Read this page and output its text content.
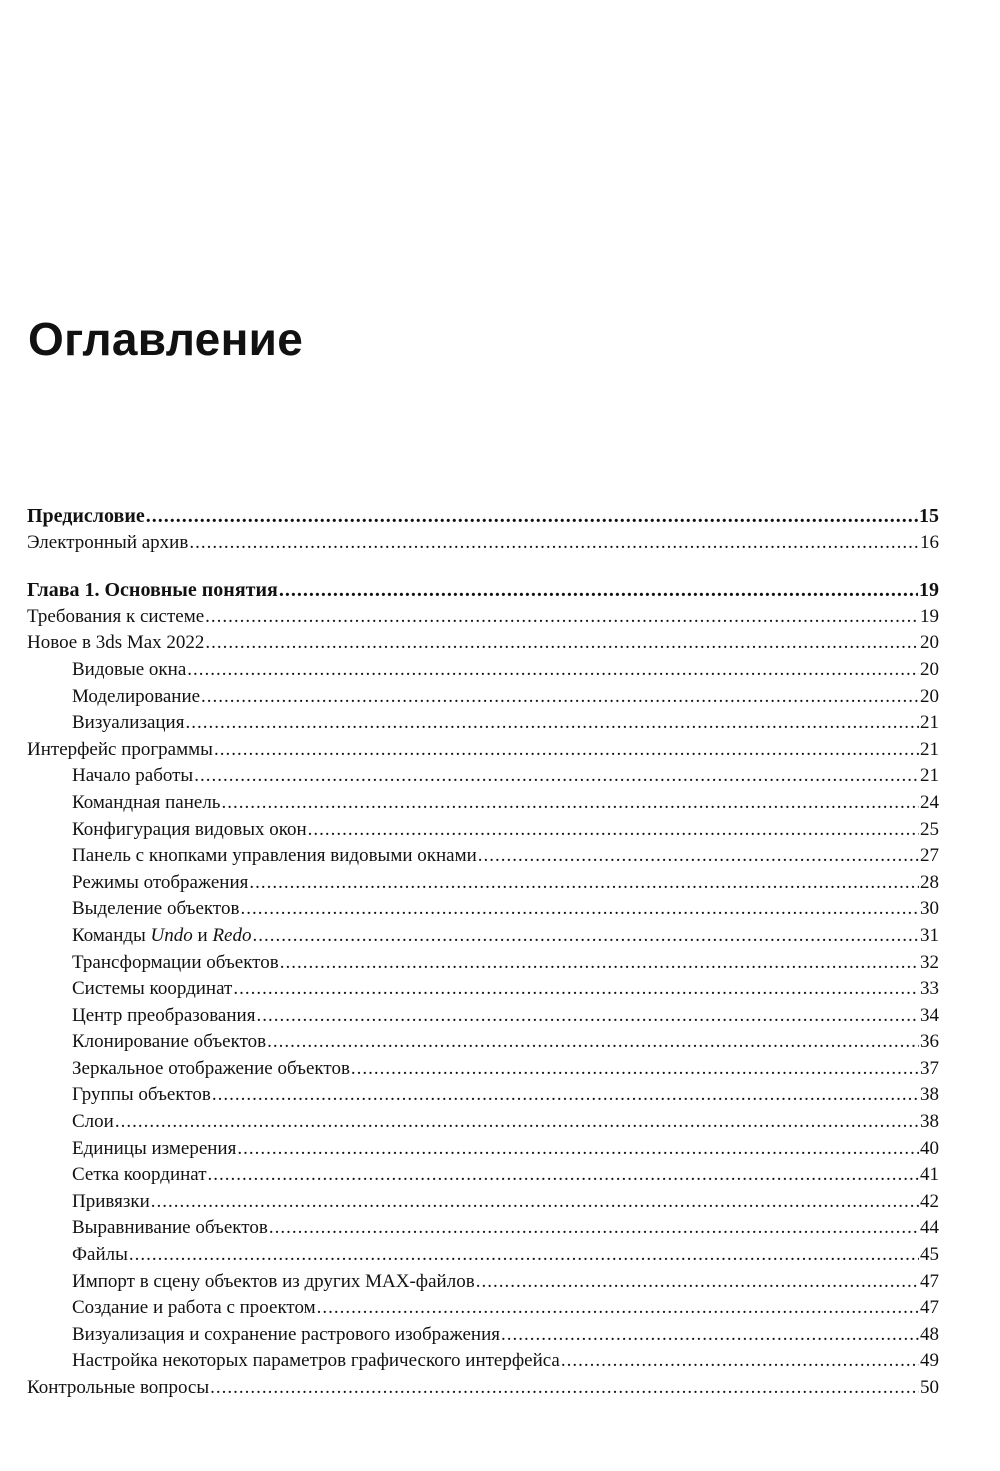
Оглавление
Предисловие .....	15
Электронный архив .....	16
Глава 1. Основные понятия .....	19
Требования к системе .....	19
Новое в 3ds Max 2022 .....	20
Видовые окна .....	20
Моделирование .....	20
Визуализация .....	21
Интерфейс программы .....	21
Начало работы .....	21
Командная панель .....	24
Конфигурация видовых окон .....	25
Панель с кнопками управления видовыми окнами .....	27
Режимы отображения .....	28
Выделение объектов .....	30
Команды Undo и Redo .....	31
Трансформации объектов .....	32
Системы координат .....	33
Центр преобразования .....	34
Клонирование объектов .....	36
Зеркальное отображение объектов .....	37
Группы объектов .....	38
Слои .....	38
Единицы измерения .....	40
Сетка координат .....	41
Привязки .....	42
Выравнивание объектов .....	44
Файлы .....	45
Импорт в сцену объектов из других MAX-файлов .....	47
Создание и работа с проектом .....	47
Визуализация и сохранение растрового изображения .....	48
Настройка некоторых параметров графического интерфейса .....	49
Контрольные вопросы .....	50
